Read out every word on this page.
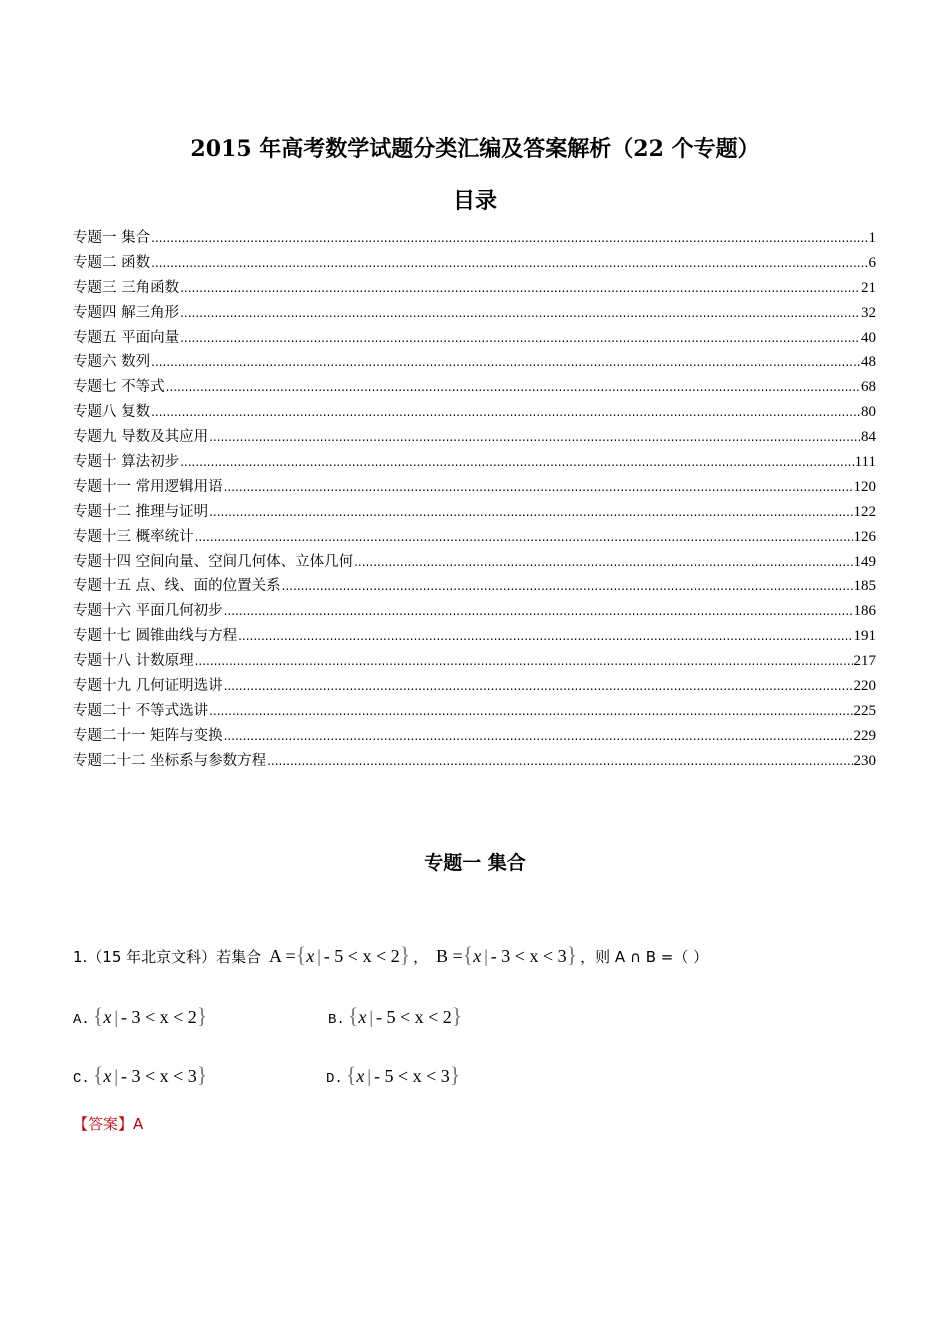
2015 年高考数学试题分类汇编及答案解析（22 个专题）
目录
专题一 集合 .....	1
专题二 函数 .....	6
专题三 三角函数 .....	21
专题四 解三角形 .....	32
专题五 平面向量 .....	40
专题六 数列 .....	48
专题七 不等式 .....	68
专题八 复数 .....	80
专题九 导数及其应用 .....	84
专题十 算法初步 .....	111
专题十一 常用逻辑用语 .....	120
专题十二 推理与证明 .....	122
专题十三 概率统计 .....	126
专题十四 空间向量、空间几何体、立体几何 .....	149
专题十五 点、线、面的位置关系 .....	185
专题十六 平面几何初步 .....	186
专题十七 圆锥曲线与方程 .....	191
专题十八 计数原理 .....	217
专题十九 几何证明选讲 .....	220
专题二十 不等式选讲 .....	225
专题二十一 矩阵与变换 .....	229
专题二十二 坐标系与参数方程 .....	230
专题一 集合
1.（15 年北京文科）若集合 A ={x | - 5 < x < 2} ， B ={x | - 3 < x < 3} ，则 A ∩ B =（ ）
A. {x | - 3 < x < 2}	B. {x | - 5 < x < 2}
C. {x | - 3 < x < 3}	D. {x | - 5 < x < 3}
【答案】A
